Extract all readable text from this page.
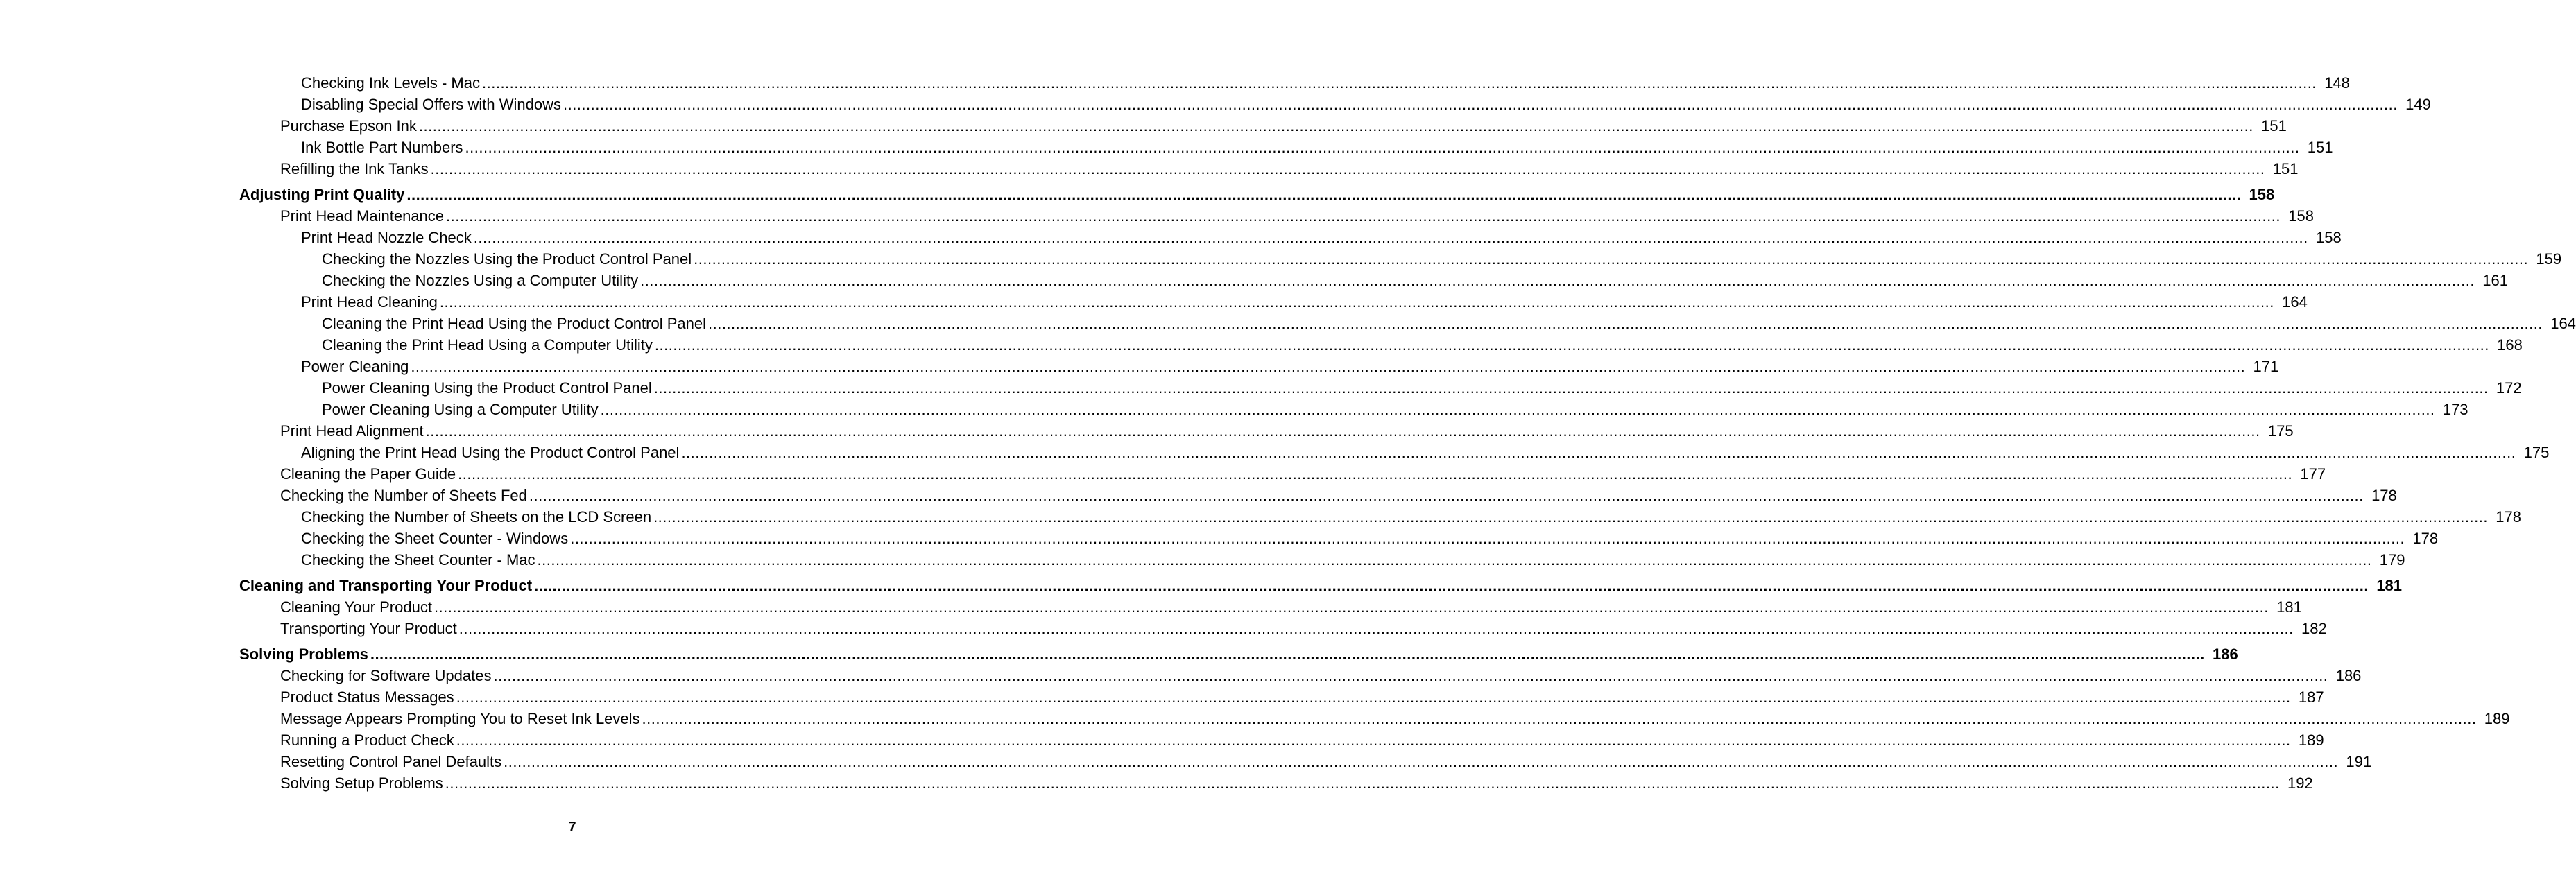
Checking Ink Levels - Mac ................................................................................................................................................................................................................................................................................................................................................................................................................ 148
Disabling Special Offers with Windows ................................................................................................................................................................................................................................................................................................................................................................................................................ 149
Purchase Epson Ink ................................................................................................................................................................................................................................................................................................................................................................................................................ 151
Ink Bottle Part Numbers ................................................................................................................................................................................................................................................................................................................................................................................................................ 151
Refilling the Ink Tanks ................................................................................................................................................................................................................................................................................................................................................................................................................ 151
Adjusting Print Quality ................................................................................................................................................................................................................................................................................................................................................................................................................ 158
Print Head Maintenance ................................................................................................................................................................................................................................................................................................................................................................................................................ 158
Print Head Nozzle Check ................................................................................................................................................................................................................................................................................................................................................................................................................ 158
Checking the Nozzles Using the Product Control Panel ................................................................................................................................................................................................................................................................................................................................................................................................................ 159
Checking the Nozzles Using a Computer Utility ................................................................................................................................................................................................................................................................................................................................................................................................................ 161
Print Head Cleaning ................................................................................................................................................................................................................................................................................................................................................................................................................ 164
Cleaning the Print Head Using the Product Control Panel ................................................................................................................................................................................................................................................................................................................................................................................................................ 164
Cleaning the Print Head Using a Computer Utility ................................................................................................................................................................................................................................................................................................................................................................................................................ 168
Power Cleaning ................................................................................................................................................................................................................................................................................................................................................................................................................ 171
Power Cleaning Using the Product Control Panel ................................................................................................................................................................................................................................................................................................................................................................................................................ 172
Power Cleaning Using a Computer Utility ................................................................................................................................................................................................................................................................................................................................................................................................................ 173
Print Head Alignment ................................................................................................................................................................................................................................................................................................................................................................................................................ 175
Aligning the Print Head Using the Product Control Panel ................................................................................................................................................................................................................................................................................................................................................................................................................ 175
Cleaning the Paper Guide ................................................................................................................................................................................................................................................................................................................................................................................................................ 177
Checking the Number of Sheets Fed ................................................................................................................................................................................................................................................................................................................................................................................................................ 178
Checking the Number of Sheets on the LCD Screen ................................................................................................................................................................................................................................................................................................................................................................................................................ 178
Checking the Sheet Counter - Windows ................................................................................................................................................................................................................................................................................................................................................................................................................ 178
Checking the Sheet Counter - Mac ................................................................................................................................................................................................................................................................................................................................................................................................................ 179
Cleaning and Transporting Your Product ................................................................................................................................................................................................................................................................................................................................................................................................................ 181
Cleaning Your Product ................................................................................................................................................................................................................................................................................................................................................................................................................ 181
Transporting Your Product ................................................................................................................................................................................................................................................................................................................................................................................................................ 182
Solving Problems ................................................................................................................................................................................................................................................................................................................................................................................................................ 186
Checking for Software Updates ................................................................................................................................................................................................................................................................................................................................................................................................................ 186
Product Status Messages ................................................................................................................................................................................................................................................................................................................................................................................................................ 187
Message Appears Prompting You to Reset Ink Levels ................................................................................................................................................................................................................................................................................................................................................................................................................ 189
Running a Product Check ................................................................................................................................................................................................................................................................................................................................................................................................................ 189
Resetting Control Panel Defaults ................................................................................................................................................................................................................................................................................................................................................................................................................ 191
Solving Setup Problems ................................................................................................................................................................................................................................................................................................................................................................................................................ 192
7
